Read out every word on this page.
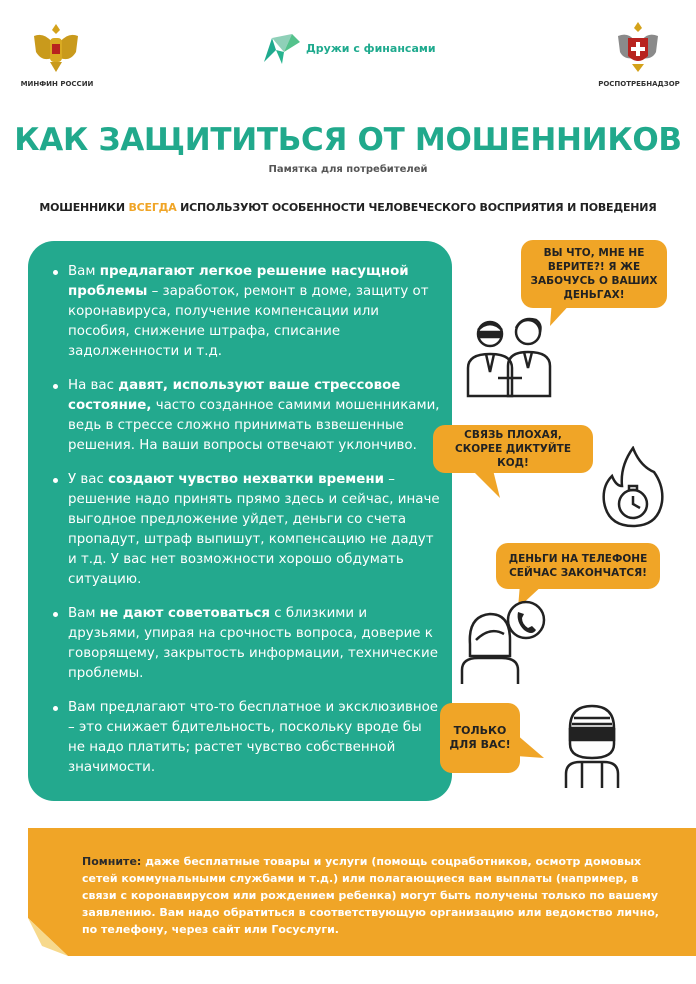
МИНФИН РОССИИ	РОСПОТРЕБНАДЗОР
Дружи с финансами
КАК ЗАЩИТИТЬСЯ ОТ МОШЕННИКОВ
Памятка для потребителей
МОШЕННИКИ ВСЕГДА ИСПОЛЬЗУЮТ ОСОБЕННОСТИ ЧЕЛОВЕЧЕСКОГО ВОСПРИЯТИЯ И ПОВЕДЕНИЯ
Вам предлагают легкое решение насущной проблемы – заработок, ремонт в доме, защиту от коронавируса, получение компенсации или пособия, снижение штрафа, списание задолженности и т.д.
На вас давят, используют ваше стрессовое состояние, часто созданное самими мошенниками, ведь в стрессе сложно принимать взвешенные решения. На ваши вопросы отвечают уклончиво.
У вас создают чувство нехватки времени – решение надо принять прямо здесь и сейчас, иначе выгодное предложение уйдет, деньги со счета пропадут, штраф выпишут, компенсацию не дадут и т.д. У вас нет возможности хорошо обдумать ситуацию.
Вам не дают советоваться с близкими и друзьями, упирая на срочность вопроса, доверие к говорящему, закрытость информации, технические проблемы.
Вам предлагают что-то бесплатное и эксклюзивное – это снижает бдительность, поскольку вроде бы не надо платить; растет чувство собственной значимости.
ВЫ ЧТО, МНЕ НЕ ВЕРИТЕ?! Я ЖЕ ЗАБОЧУСЬ О ВАШИХ ДЕНЬГАХ!
СВЯЗЬ ПЛОХАЯ, СКОРЕЕ ДИКТУЙТЕ КОД!
ДЕНЬГИ НА ТЕЛЕФОНЕ СЕЙЧАС ЗАКОНЧАТСЯ!
ТОЛЬКО ДЛЯ ВАС!
Помните: даже бесплатные товары и услуги (помощь соцработников, осмотр домовых сетей коммунальными службами и т.д.) или полагающиеся вам выплаты (например, в связи с коронавирусом или рождением ребенка) могут быть получены только по вашему заявлению. Вам надо обратиться в соответствующую организацию или ведомство лично, по телефону, через сайт или Госуслуги.
